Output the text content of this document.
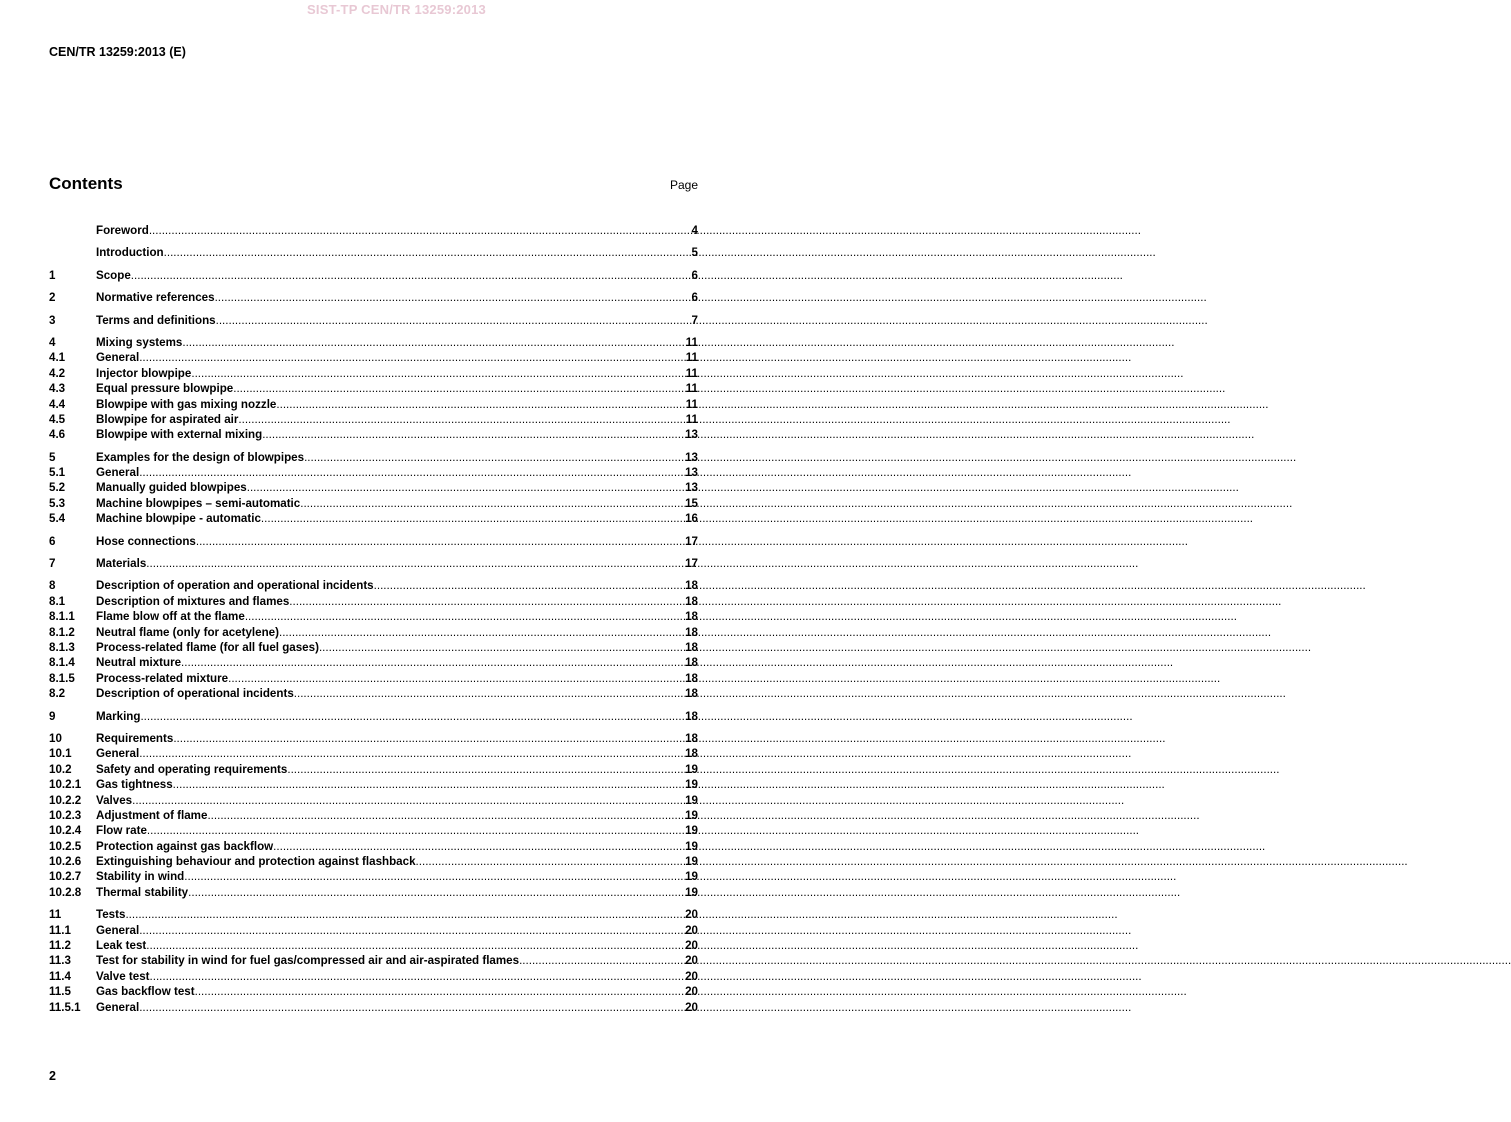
SIST-TP CEN/TR 13259:2013
CEN/TR 13259:2013 (E)
Contents	Page
Foreword .....	4
Introduction .....	5
1	Scope .....	6
2	Normative references .....	6
3	Terms and definitions .....	7
4	Mixing systems .....	11
4.1	General .....	11
4.2	Injector blowpipe .....	11
4.3	Equal pressure blowpipe .....	11
4.4	Blowpipe with gas mixing nozzle .....	11
4.5	Blowpipe for aspirated air .....	11
4.6	Blowpipe with external mixing .....	13
5	Examples for the design of blowpipes .....	13
5.1	General .....	13
5.2	Manually guided blowpipes .....	13
5.3	Machine blowpipes – semi-automatic .....	15
5.4	Machine blowpipe - automatic .....	16
6	Hose connections .....	17
7	Materials .....	17
8	Description of operation and operational incidents .....	18
8.1	Description of mixtures and flames .....	18
8.1.1	Flame blow off at the flame .....	18
8.1.2	Neutral flame (only for acetylene) .....	18
8.1.3	Process-related flame (for all fuel gases) .....	18
8.1.4	Neutral mixture .....	18
8.1.5	Process-related mixture .....	18
8.2	Description of operational incidents .....	18
9	Marking .....	18
10	Requirements .....	18
10.1	General .....	18
10.2	Safety and operating requirements .....	19
10.2.1	Gas tightness .....	19
10.2.2	Valves .....	19
10.2.3	Adjustment of flame .....	19
10.2.4	Flow rate .....	19
10.2.5	Protection against gas backflow .....	19
10.2.6	Extinguishing behaviour and protection against flashback .....	19
10.2.7	Stability in wind .....	19
10.2.8	Thermal stability .....	19
11	Tests .....	20
11.1	General .....	20
11.2	Leak test .....	20
11.3	Test for stability in wind for fuel gas/compressed air and air-aspirated flames .....	20
11.4	Valve test .....	20
11.5	Gas backflow test .....	20
11.5.1	General .....	20
2
